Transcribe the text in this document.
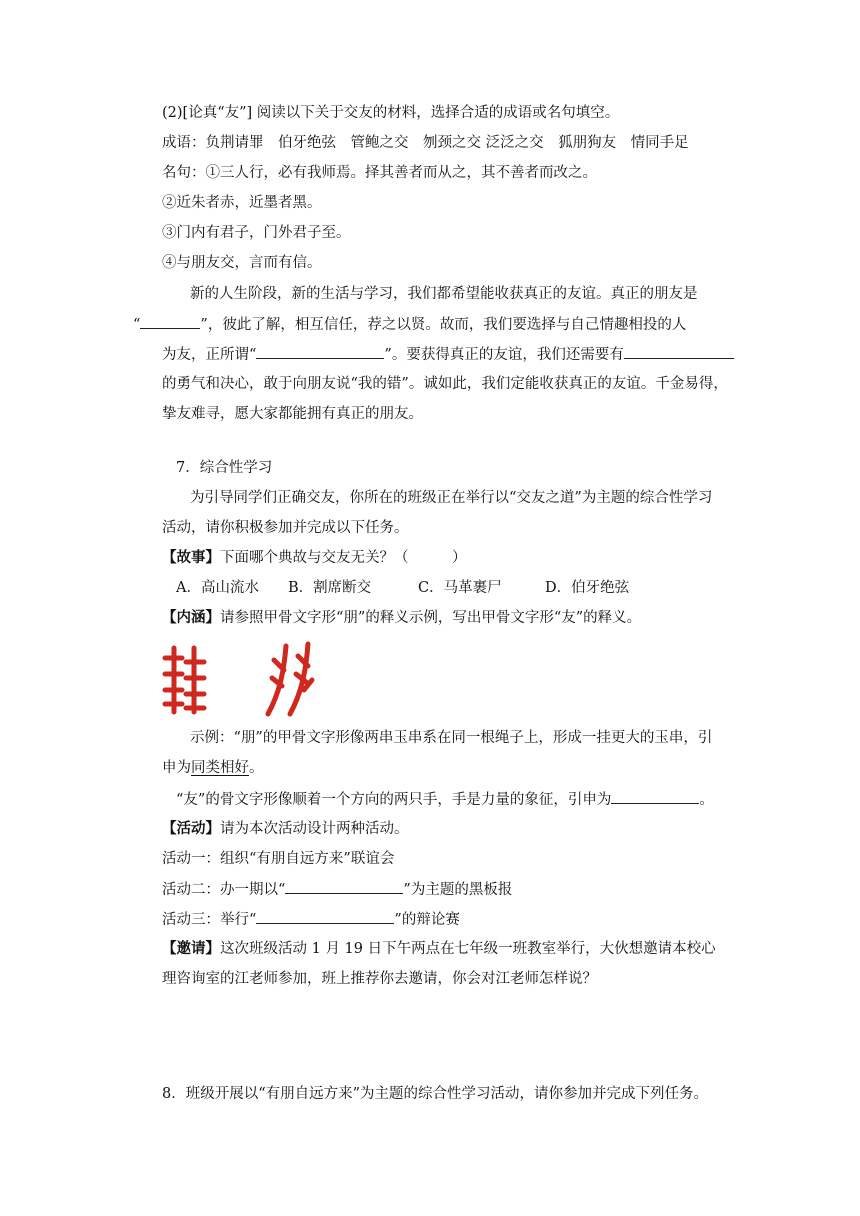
(2)[论真“友”] 阅读以下关于交友的材料，选择合适的成语或名句填空。
成语：负荆请罪　伯牙绝弦　管鲍之交　刎颈之交 泛泛之交　狐朋狗友　情同手足
名句：①三人行，必有我师焉。择其善者而从之，其不善者而改之。
②近朱者赤，近墨者黑。
③门内有君子，门外君子至。
④与朋友交，言而有信。
新的人生阶段，新的生活与学习，我们都希望能收获真正的友谊。真正的朋友是
“	”，彼此了解，相互信任，荐之以贤。故而，我们要选择与自己情趣相投的人
为友，正所谓“	”。要获得真正的友谊，我们还需要有
的勇气和决心，敢于向朋友说“我的错”。诚如此，我们定能收获真正的友谊。千金易得，
挚友难寻，愿大家都能拥有真正的朋友。
7．综合性学习
为引导同学们正确交友，你所在的班级正在举行以“交友之道”为主题的综合性学习
活动，请你积极参加并完成以下任务。
【故事】下面哪个典故与交友无关？（　　　）
A．高山流水 B．割席断交	C．马革裹尸	D．伯牙绝弦
【内涵】请参照甲骨文字形“朋”的释义示例，写出甲骨文字形“友”的释义。
示例：“朋”的甲骨文字形像两串玉串系在同一根绳子上，形成一挂更大的玉串，引
申为同类相好。
“友”的骨文字形像顺着一个方向的两只手，手是力量的象征，引申为	。
【活动】请为本次活动设计两种活动。
活动一：组织“有朋自远方来”联谊会
活动二：办一期以“	”为主题的黑板报
活动三：举行“	”的辩论赛
【邀请】这次班级活动 1 月 19 日下午两点在七年级一班教室举行，大伙想邀请本校心
理咨询室的江老师参加，班上推荐你去邀请，你会对江老师怎样说？
8．班级开展以“有朋自远方来”为主题的综合性学习活动，请你参加并完成下列任务。
